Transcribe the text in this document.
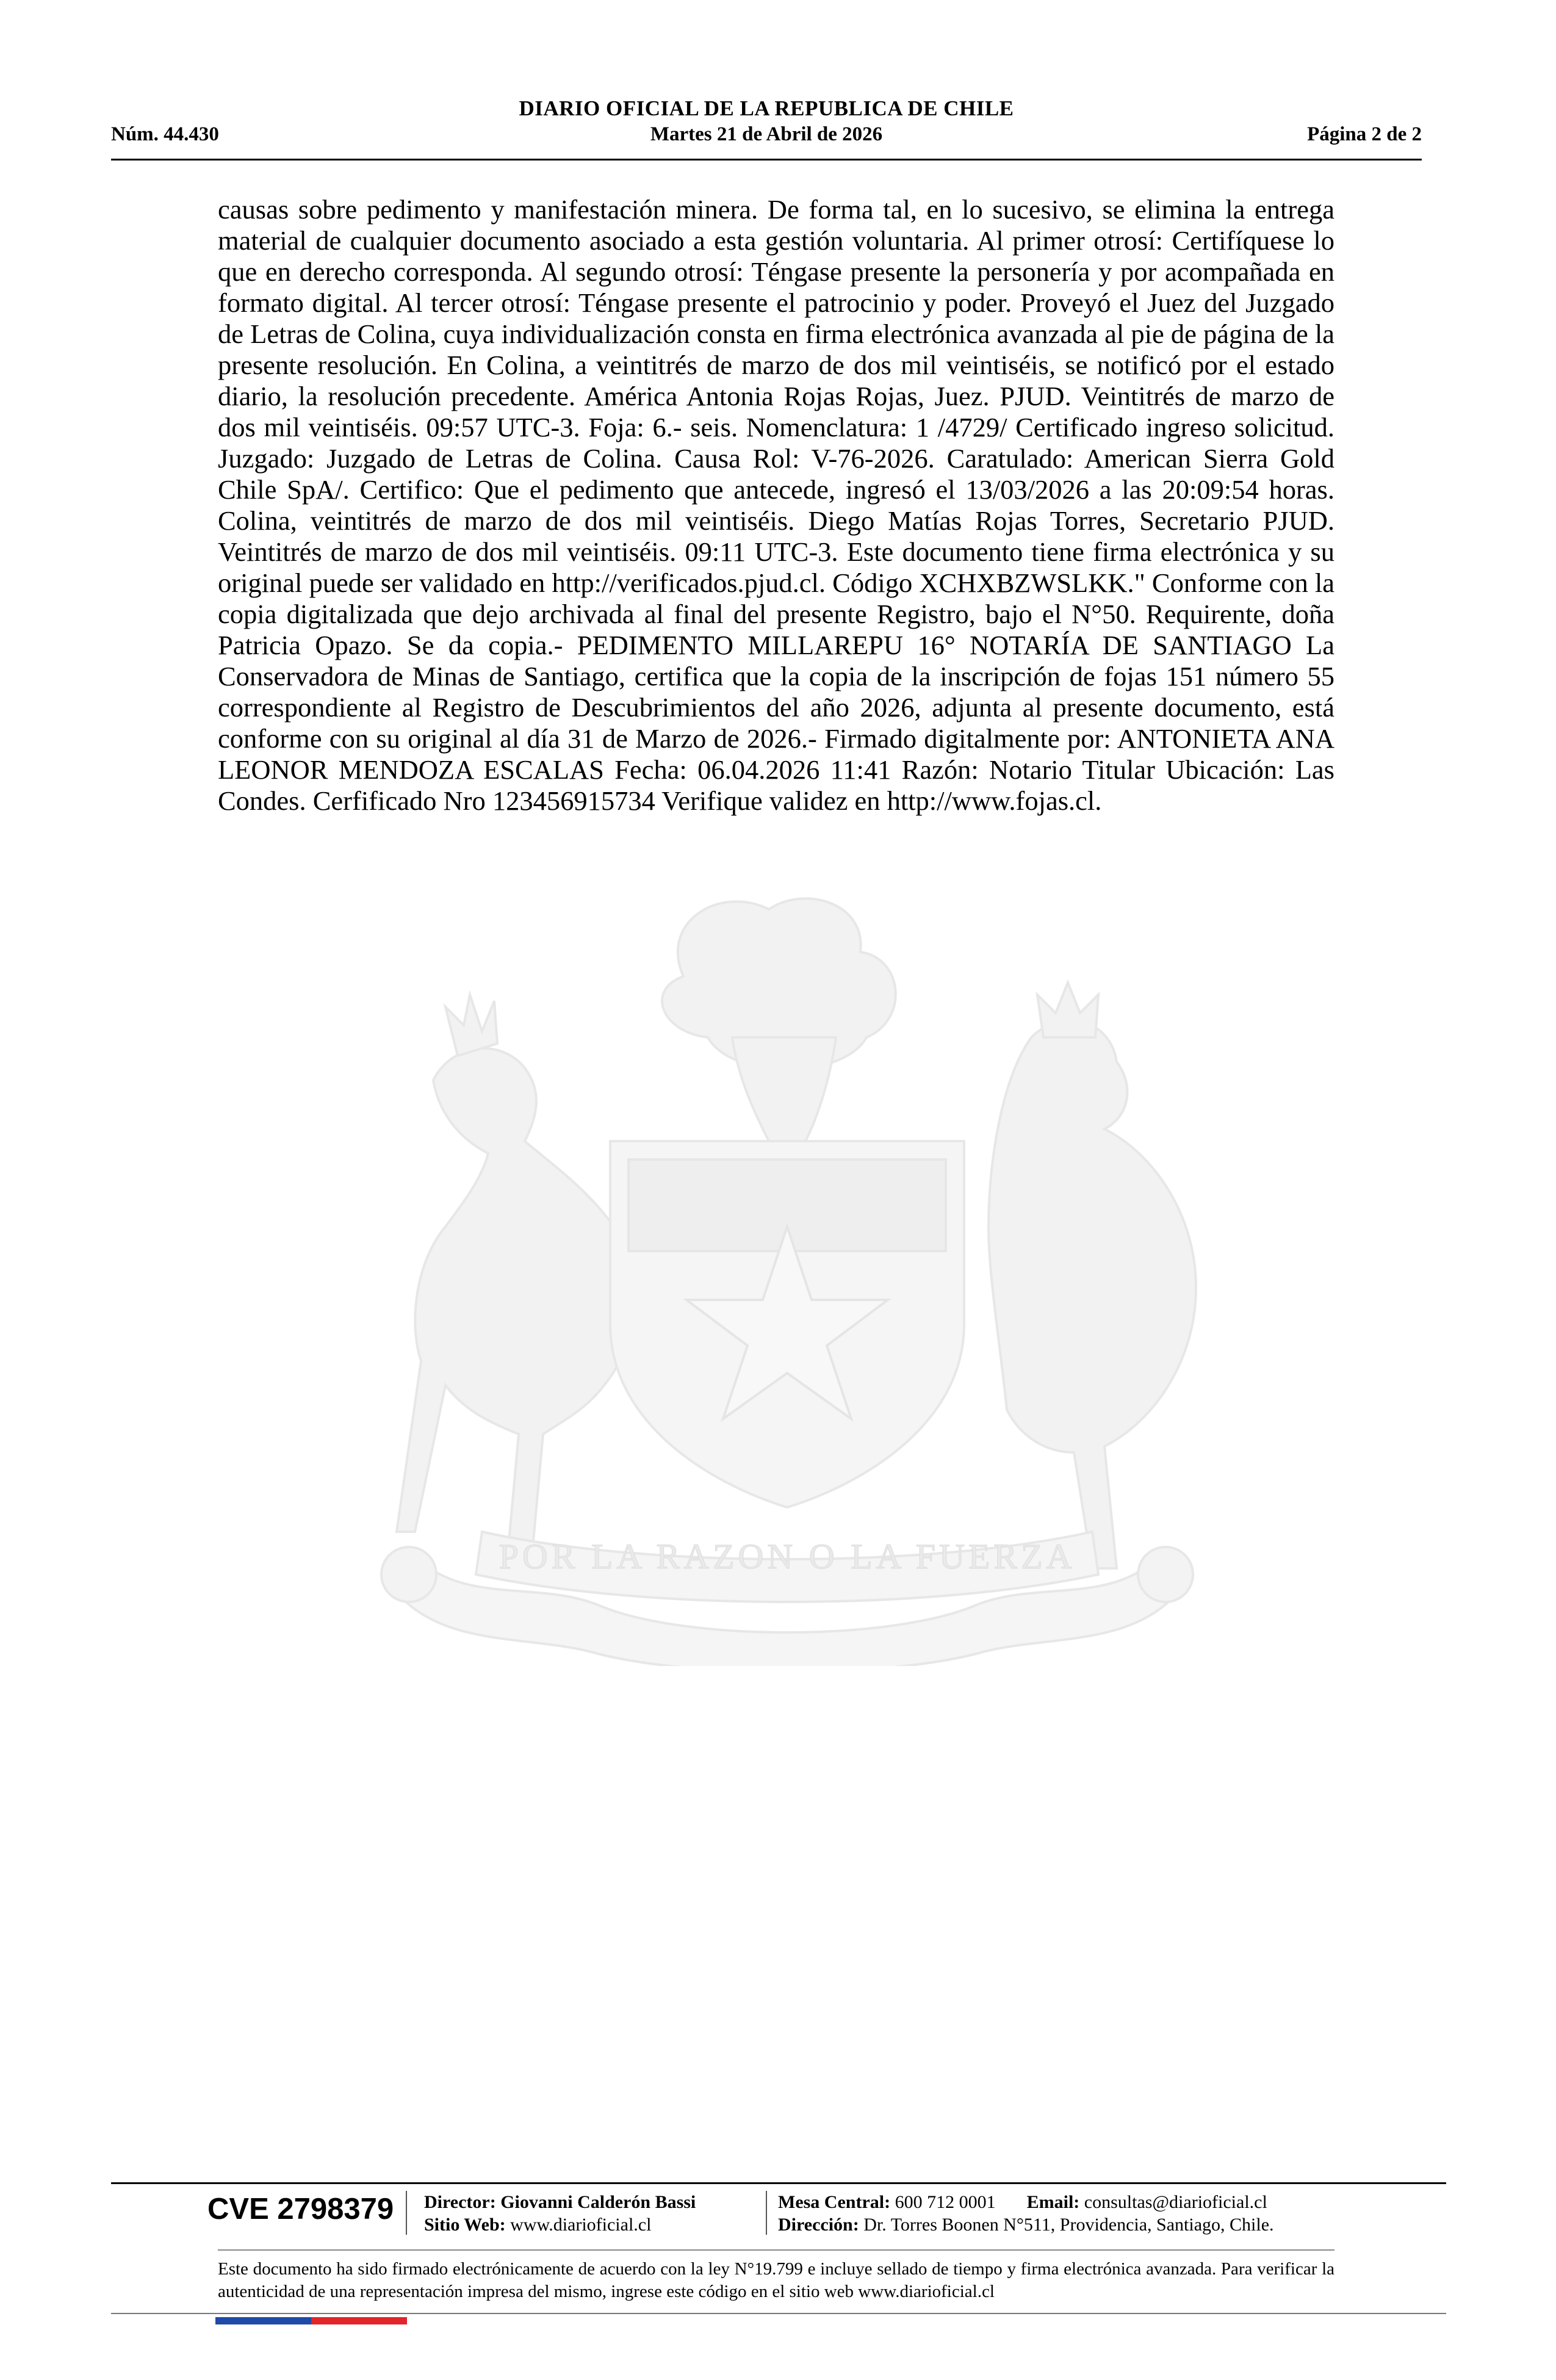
DIARIO OFICIAL DE LA REPUBLICA DE CHILE
Núm. 44.430	Martes 21 de Abril de 2026	Página 2 de 2
POR LA RAZON O LA FUERZA

causas sobre pedimento y manifestación minera. De forma tal, en lo sucesivo, se elimina la entrega material de cualquier documento asociado a esta gestión voluntaria. Al primer otrosí: Certifíquese lo que en derecho corresponda. Al segundo otrosí: Téngase presente la personería y por acompañada en formato digital. Al tercer otrosí: Téngase presente el patrocinio y poder. Proveyó el Juez del Juzgado de Letras de Colina, cuya individualización consta en firma electrónica avanzada al pie de página de la presente resolución. En Colina, a veintitrés de marzo de dos mil veintiséis, se notificó por el estado diario, la resolución precedente. América Antonia Rojas Rojas, Juez. PJUD. Veintitrés de marzo de dos mil veintiséis. 09:57 UTC-3. Foja: 6.- seis. Nomenclatura: 1 /4729/ Certificado ingreso solicitud. Juzgado: Juzgado de Letras de Colina. Causa Rol: V-76-2026. Caratulado: American Sierra Gold Chile SpA/. Certifico: Que el pedimento que antecede, ingresó el 13/03/2026 a las 20:09:54 horas. Colina, veintitrés de marzo de dos mil veintiséis. Diego Matías Rojas Torres, Secretario PJUD. Veintitrés de marzo de dos mil veintiséis. 09:11 UTC-3. Este documento tiene firma electrónica y su original puede ser validado en http://verificados.pjud.cl. Código XCHXBZWSLKK." Conforme con la copia digitalizada que dejo archivada al final del presente Registro, bajo el N°50. Requirente, doña Patricia Opazo. Se da copia.- PEDIMENTO MILLAREPU 16° NOTARÍA DE SANTIAGO La Conservadora de Minas de Santiago, certifica que la copia de la inscripción de fojas 151 número 55 correspondiente al Registro de Descubrimientos del año 2026, adjunta al presente documento, está conforme con su original al día 31 de Marzo de 2026.- Firmado digitalmente por: ANTONIETA ANA LEONOR MENDOZA ESCALAS Fecha: 06.04.2026 11:41 Razón: Notario Titular Ubicación: Las Condes. Cerfificado Nro 123456915734 Verifique validez en http://www.fojas.cl.

CVE 2798379 Director: Giovanni Calderón Bassi
Sitio Web: www.diarioficial.cl
Mesa Central: 600 712 0001 Email: consultas@diarioficial.cl
Dirección: Dr. Torres Boonen N°511, Providencia, Santiago, Chile.

Este documento ha sido firmado electrónicamente de acuerdo con la ley N°19.799 e incluye sellado de tiempo y firma electrónica avanzada. Para verificar la autenticidad de una representación impresa del mismo, ingrese este código en el sitio web www.diarioficial.cl
